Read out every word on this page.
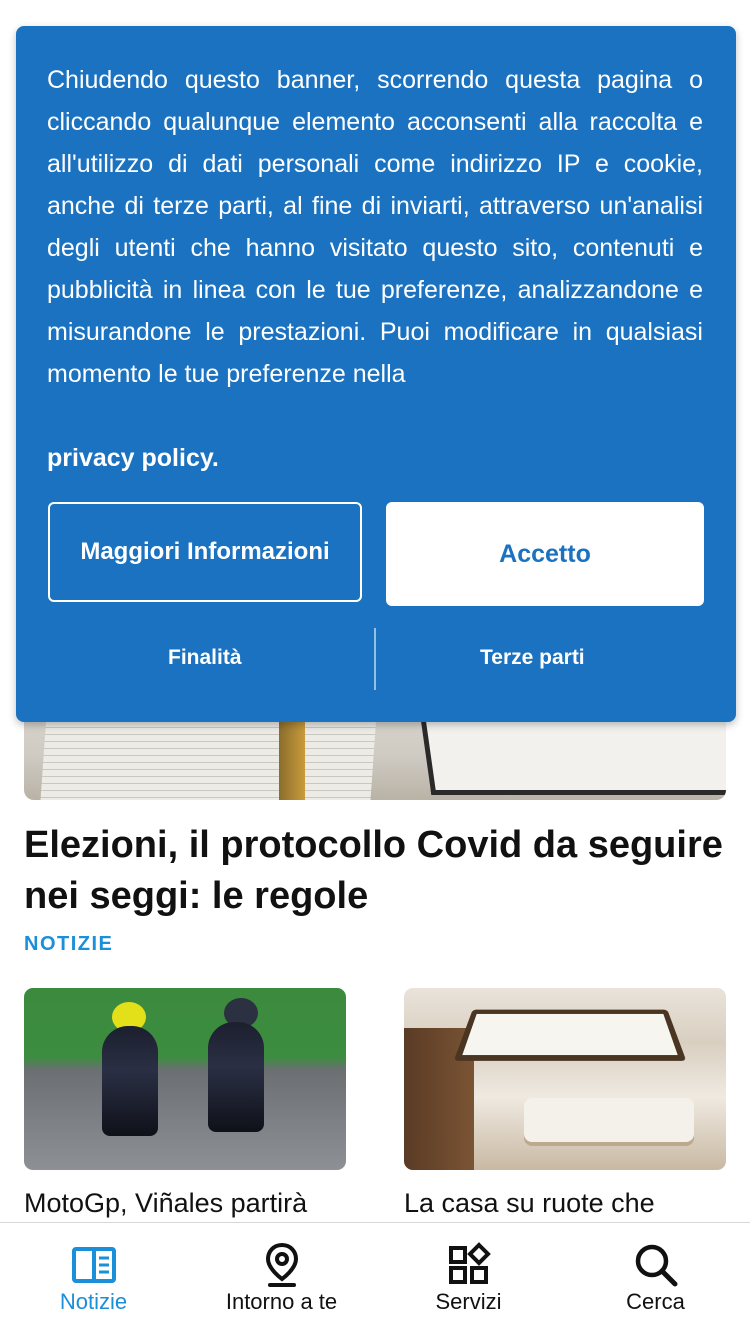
Elezioni, il protocollo Covid da seguire nei seggi: le regole
NOTIZIE
MotoGp, Viñales partirà	La casa su ruote che
Chiudendo questo banner, scorrendo questa pagina o cliccando qualunque elemento acconsenti alla raccolta e all'utilizzo di dati personali come indirizzo IP e cookie, anche di terze parti, al fine di inviarti, attraverso un'analisi degli utenti che hanno visitato questo sito, contenuti e pubblicità in linea con le tue preferenze, analizzandone e misurandone le prestazioni. Puoi modificare in qualsiasi momento le tue preferenze nella
privacy policy.
Maggiori Informazioni	Accetto
Finalità	Terze parti
Notizie	Intorno a te	Servizi	Cerca
